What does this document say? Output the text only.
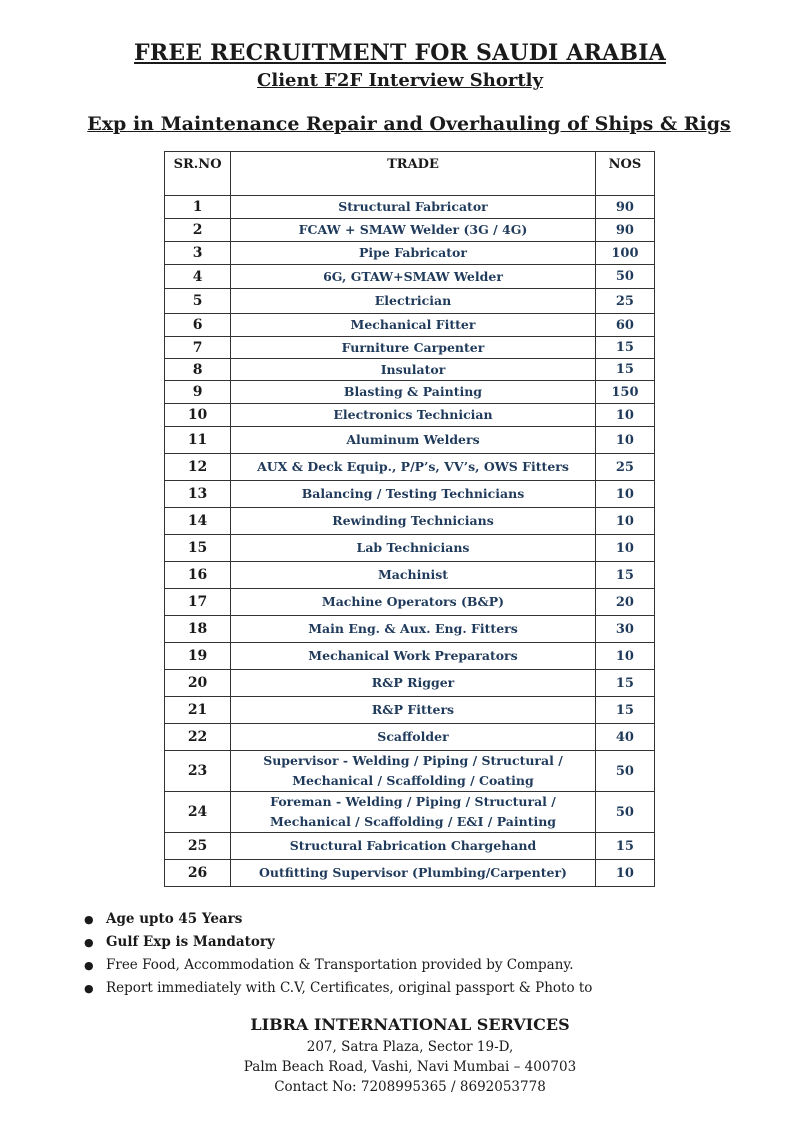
FREE RECRUITMENT FOR SAUDI ARABIA
Client F2F Interview Shortly
Exp in Maintenance Repair and Overhauling of Ships & Rigs
SR.NO	TRADE	NOS
1	Structural Fabricator	90
2	FCAW + SMAW Welder (3G / 4G)	90
3	Pipe Fabricator	100
4	6G, GTAW+SMAW Welder	50
5	Electrician	25
6	Mechanical Fitter	60
7	Furniture Carpenter	15
8	Insulator	15
9	Blasting & Painting	150
10	Electronics Technician	10
11	Aluminum Welders	10
12	AUX & Deck Equip., P/P’s, VV’s, OWS Fitters	25
13	Balancing / Testing Technicians	10
14	Rewinding Technicians	10
15	Lab Technicians	10
16	Machinist	15
17	Machine Operators (B&P)	20
18	Main Eng. & Aux. Eng. Fitters	30
19	Mechanical Work Preparators	10
20	R&P Rigger	15
21	R&P Fitters	15
22	Scaffolder	40
23	Supervisor - Welding / Piping / Structural /
Mechanical / Scaffolding / Coating	50
24	Foreman - Welding / Piping / Structural /
Mechanical / Scaffolding / E&I / Painting	50
25	Structural Fabrication Chargehand	15
26	Outfitting Supervisor (Plumbing/Carpenter)	10
● Age upto 45 Years
● Gulf Exp is Mandatory
● Free Food, Accommodation & Transportation provided by Company.
● Report immediately with C.V, Certificates, original passport & Photo to
LIBRA INTERNATIONAL SERVICES
207, Satra Plaza, Sector 19-D,
Palm Beach Road, Vashi, Navi Mumbai – 400703
Contact No: 7208995365 / 8692053778
